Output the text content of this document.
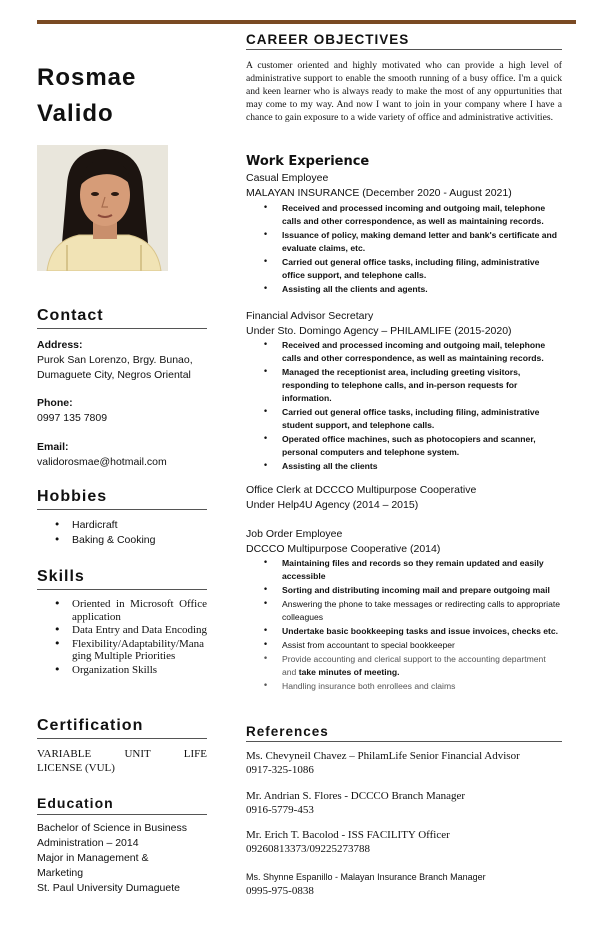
Rosmae
Valido
Contact
Address:
Purok San Lorenzo, Brgy. Bunao,
Dumaguete City, Negros Oriental
Phone:
0997 135 7809
Email:
validorosmae@hotmail.com
Hobbies
• Hardicraft
• Baking & Cooking
Skills
• Oriented in Microsoft Office application
• Data Entry and Data Encoding
• Flexibility/Adaptability/Managing Multiple Priorities
• Organization Skills
Certification
VARIABLE UNIT LIFE
LICENSE (VUL)
Education
Bachelor of Science in Business
Administration – 2014
Major in Management &
Marketing
St. Paul University Dumaguete
CAREER OBJECTIVES
A customer oriented and highly motivated who can provide a high level of administrative support to enable the smooth running of a busy office. I'm a quick and keen learner who is always ready to make the most of any oppurtunities that may come to my way. And now I want to join in your company where I have a chance to gain exposure to a wide variety of office and administrative activities.
Work Experience
Casual Employee
MALAYAN INSURANCE (December 2020 - August 2021)
• Received and processed incoming and outgoing mail, telephone calls and other correspondence, as well as maintaining records.
• Issuance of policy, making demand letter and bank's certificate and evaluate claims, etc.
• Carried out general office tasks, including filing, administrative office support, and telephone calls.
• Assisting all the clients and agents.
Financial Advisor Secretary
Under Sto. Domingo Agency – PHILAMLIFE (2015-2020)
• Received and processed incoming and outgoing mail, telephone calls and other correspondence, as well as maintaining records.
• Managed the receptionist area, including greeting visitors, responding to telephone calls, and in-person requests for information.
• Carried out general office tasks, including filing, administrative student support, and telephone calls.
• Operated office machines, such as photocopiers and scanner, personal computers and telephone system.
• Assisting all the clients
Office Clerk at DCCCO Multipurpose Cooperative
Under Help4U Agency (2014 – 2015)
Job Order Employee
DCCCO Multipurpose Cooperative (2014)
• Maintaining files and records so they remain updated and easily accessible
• Sorting and distributing incoming mail and prepare outgoing mail
• Answering the phone to take messages or redirecting calls to appropriate colleagues
• Undertake basic bookkeeping tasks and issue invoices, checks etc.
• Assist from accountant to special bookkeeper
• Provide accounting and clerical support to the accounting department and take minutes of meeting.
• Handling insurance both enrollees and claims
References
Ms. Chevyneil Chavez – PhilamLife Senior Financial Advisor
0917-325-1086
Mr. Andrian S. Flores - DCCCO Branch Manager
0916-5779-453
Mr. Erich T. Bacolod - ISS FACILITY Officer
09260813373/09225273788
Ms. Shynne Espanillo - Malayan Insurance Branch Manager
0995-975-0838
